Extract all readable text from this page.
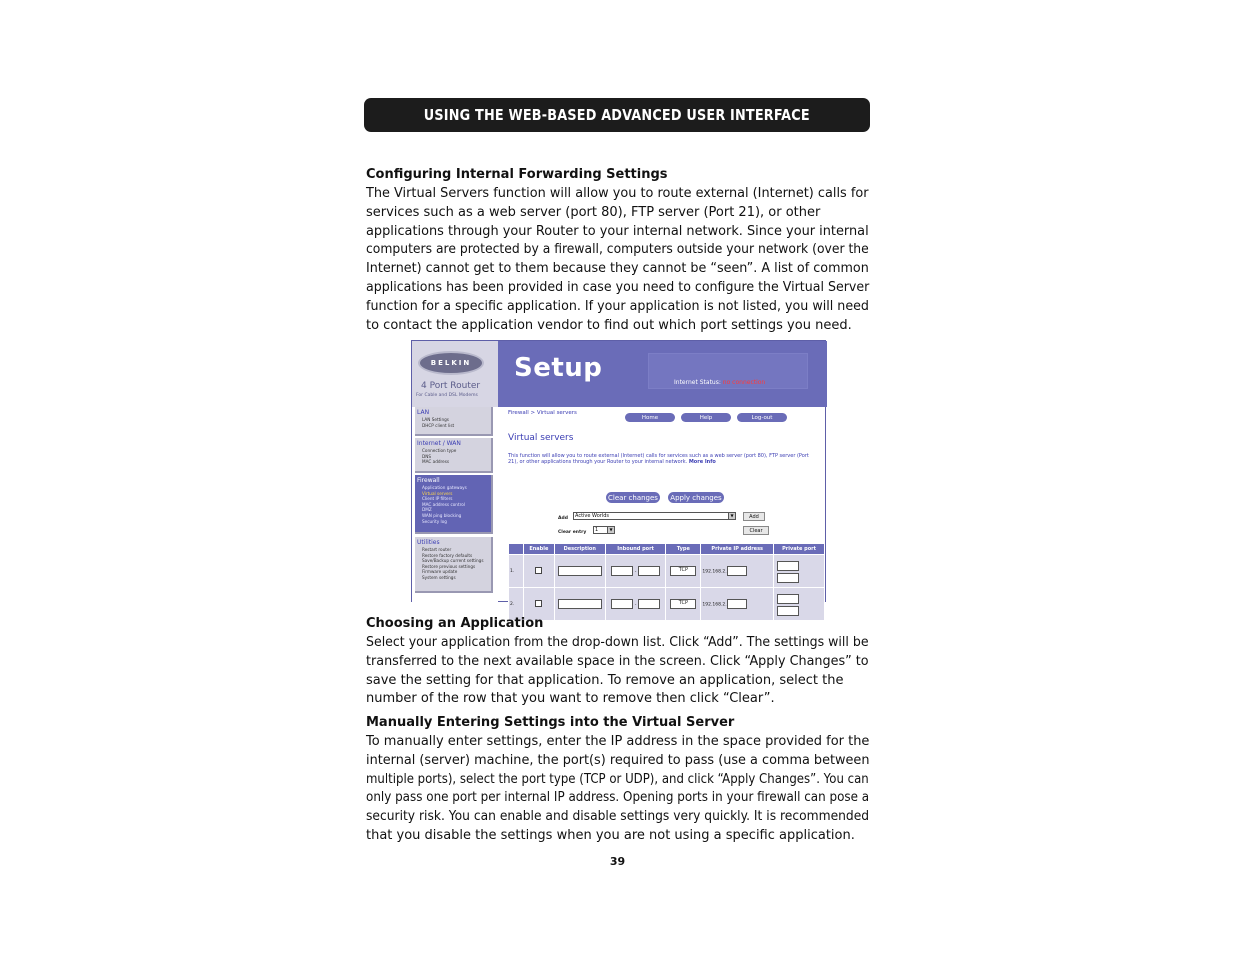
USING THE WEB-BASED ADVANCED USER INTERFACE
Configuring Internal Forwarding Settings
The Virtual Servers function will allow you to route external (Internet) calls for
services such as a web server (port 80), FTP server (Port 21), or other
applications through your Router to your internal network. Since your internal
computers are protected by a firewall, computers outside your network (over the
Internet) cannot get to them because they cannot be “seen”. A list of common
applications has been provided in case you need to configure the Virtual Server
function for a specific application. If your application is not listed, you will need
to contact the application vendor to find out which port settings you need.
BELKIN
4 Port Router
For Cable and DSL Modems
Setup	Internet Status: no connection
LAN
LAN Settings
DHCP client list
Internet / WAN
Connection type
DNS
MAC address
Firewall
Application gateways
Virtual servers
Client IP filters
MAC address control
DMZ
WAN ping blocking
Security log
Utilities
Restart router
Restore factory defaults
Save/Backup current settings
Restore previous settings
Firmware update
System settings
Firewall > Virtual servers
Home	Help	Log-out
Virtual servers
This function will allow you to route external (Internet) calls for services such as a web server (port 80), FTP server (Port 21), or other applications through your Router to your internal network. More Info
Clear changes	Apply changes
Add	Active Worlds	▼	Add
Clear entry	1	▼	Clear
	Enable	Description	Inbound port	Type	Private IP address	Private port
1.			-	TCP	192.168.2.	

2.			-	TCP	192.168.2.	
Choosing an Application
Select your application from the drop-down list. Click “Add”. The settings will be
transferred to the next available space in the screen. Click “Apply Changes” to
save the setting for that application. To remove an application, select the
number of the row that you want to remove then click “Clear”.
Manually Entering Settings into the Virtual Server
To manually enter settings, enter the IP address in the space provided for the
internal (server) machine, the port(s) required to pass (use a comma between
multiple ports), select the port type (TCP or UDP), and click “Apply Changes”. You can
only pass one port per internal IP address. Opening ports in your firewall can pose a
security risk. You can enable and disable settings very quickly. It is recommended
that you disable the settings when you are not using a specific application.
39
